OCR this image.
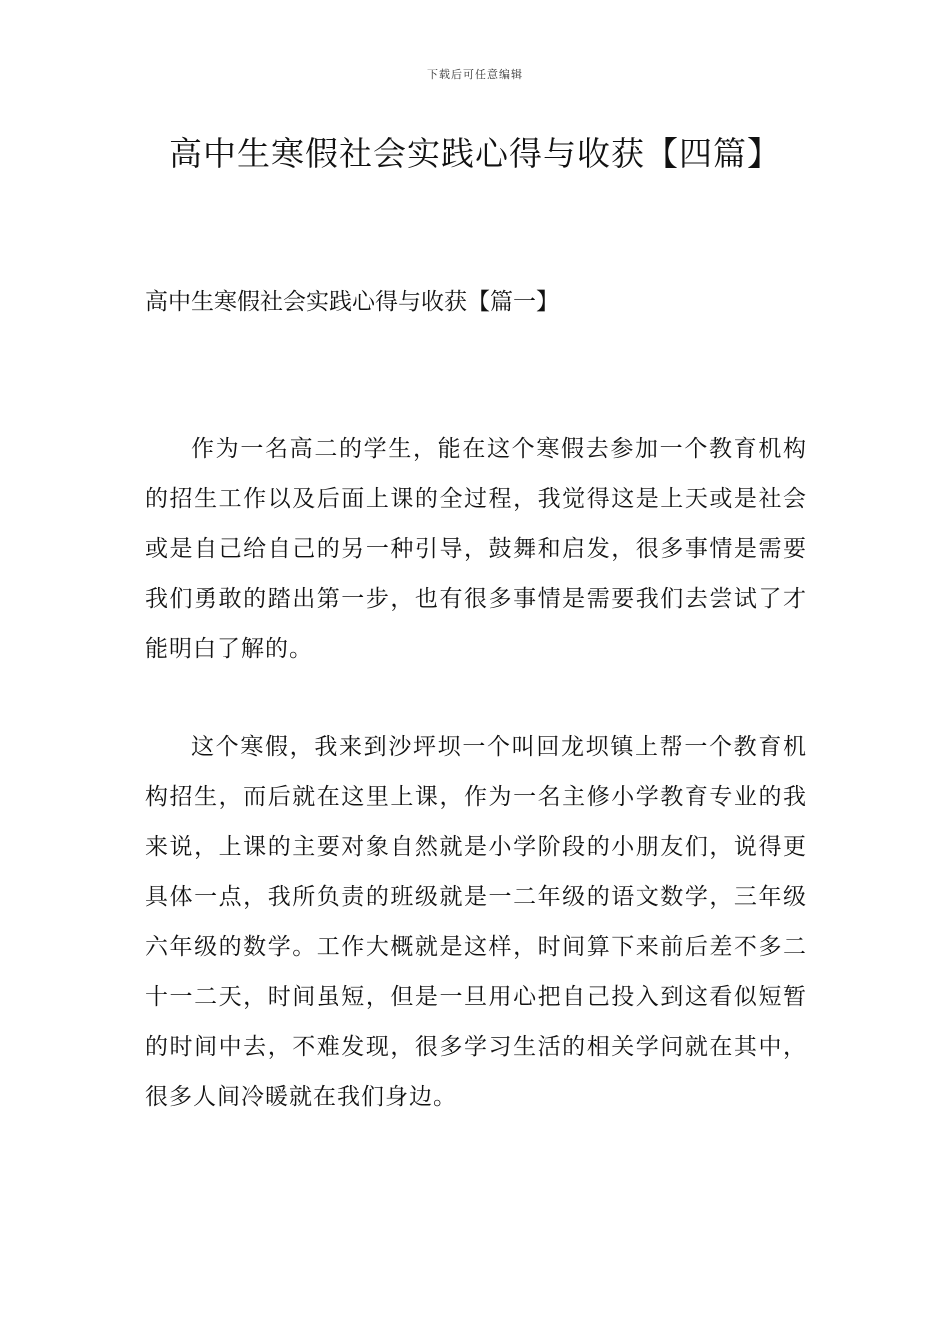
下载后可任意编辑
高中生寒假社会实践心得与收获【四篇】
高中生寒假社会实践心得与收获【篇一】

作为一名高二的学生，能在这个寒假去参加一个教育机构的招生工作以及后面上课的全过程，我觉得这是上天或是社会或是自己给自己的另一种引导，鼓舞和启发，很多事情是需要我们勇敢的踏出第一步，也有很多事情是需要我们去尝试了才能明白了解的。

这个寒假，我来到沙坪坝一个叫回龙坝镇上帮一个教育机构招生，而后就在这里上课，作为一名主修小学教育专业的我来说，上课的主要对象自然就是小学阶段的小朋友们，说得更具体一点，我所负责的班级就是一二年级的语文数学，三年级六年级的数学。工作大概就是这样，时间算下来前后差不多二十一二天，时间虽短，但是一旦用心把自己投入到这看似短暂的时间中去，不难发现，很多学习生活的相关学问就在其中，很多人间冷暖就在我们身边。
